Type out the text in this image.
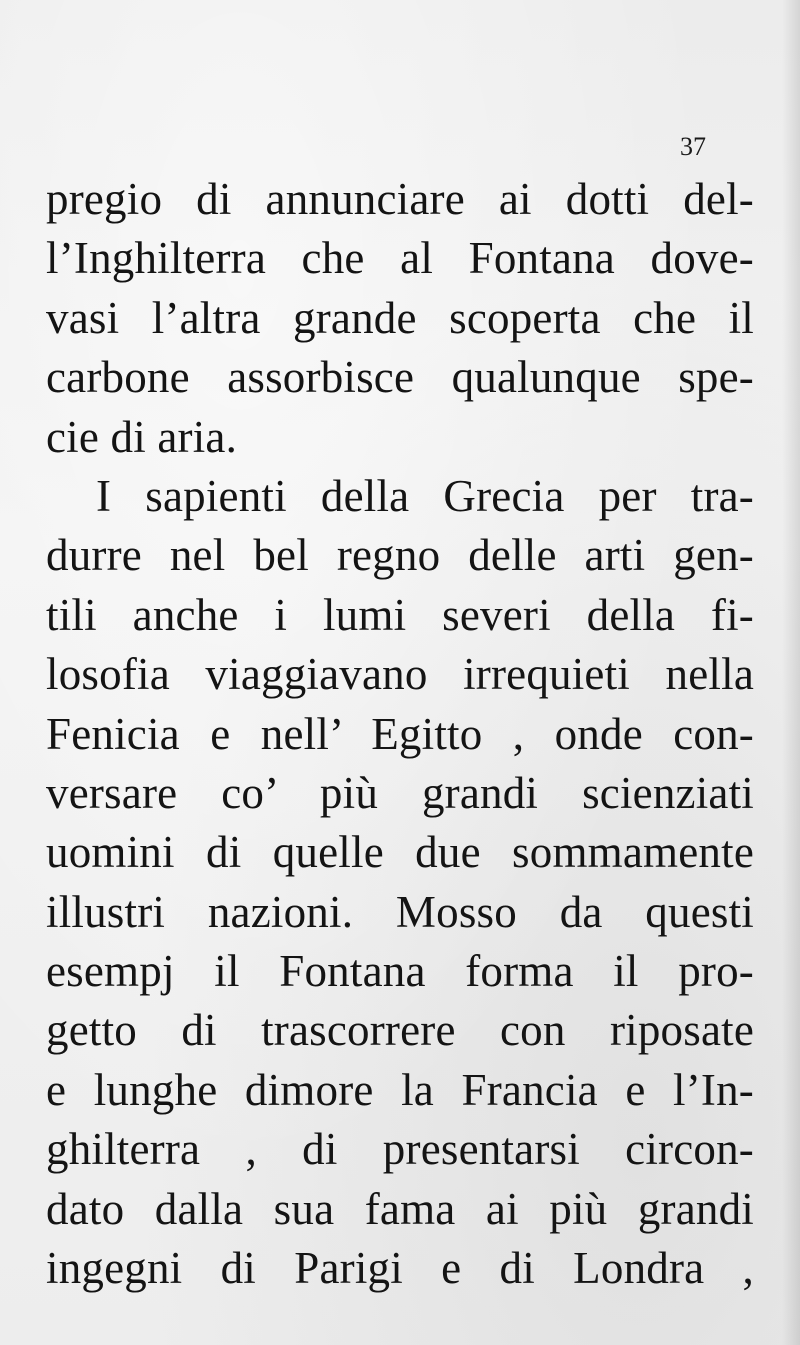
37
pregio di annunciare ai dotti del-
l’Inghilterra che al Fontana dove-
vasi l’altra grande scoperta che il
carbone assorbisce qualunque spe-
cie di aria.
I sapienti della Grecia per tra-
durre nel bel regno delle arti gen-
tili anche i lumi severi della fi-
losofia viaggiavano irrequieti nella
Fenicia e nell’ Egitto , onde con-
versare co’ più grandi scienziati
uomini di quelle due sommamente
illustri nazioni. Mosso da questi
esempj il Fontana forma il pro-
getto di trascorrere con riposate
e lunghe dimore la Francia e l’In-
ghilterra , di presentarsi circon-
dato dalla sua fama ai più grandi
ingegni di Parigi e di Londra ,
